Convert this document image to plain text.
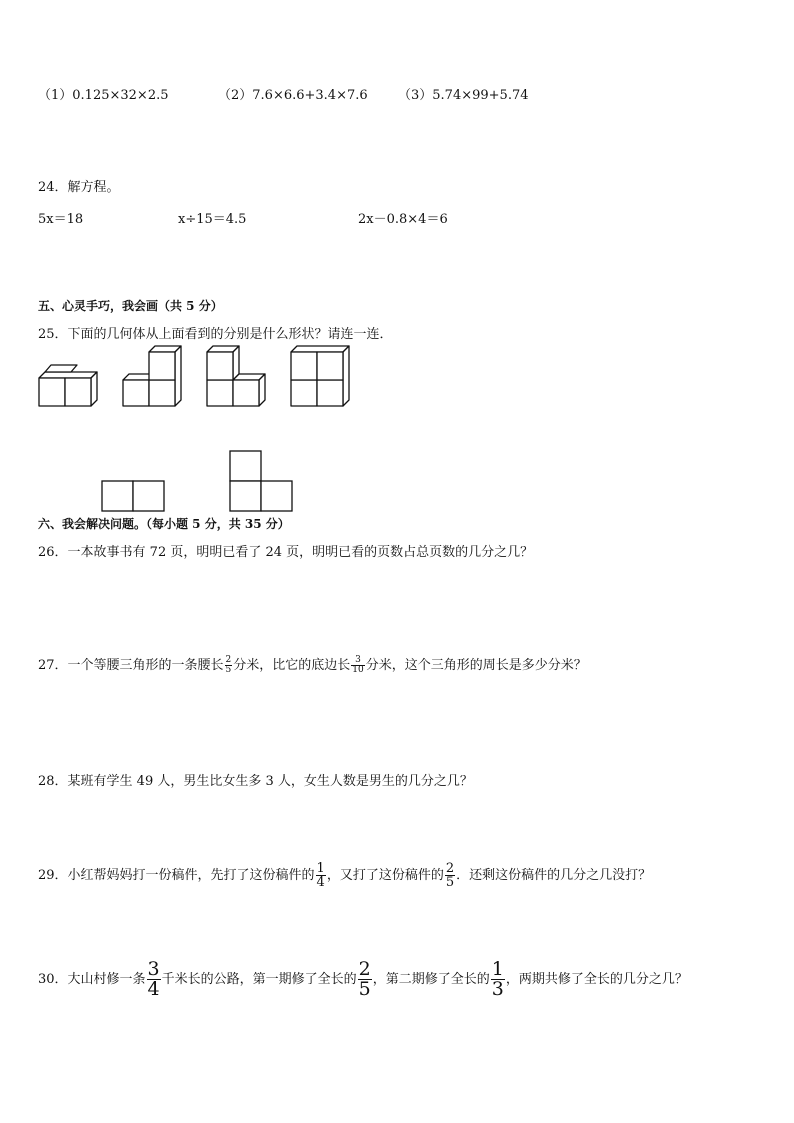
（1）0.125×32×2.5	（2）7.6×6.6+3.4×7.6 （3）5.74×99+5.74
24．解方程。
5x＝18	x÷15＝4.5	2x－0.8×4＝6
五、心灵手巧，我会画（共 5 分）
25．下面的几何体从上面看到的分别是什么形状？请连一连．
六、我会解决问题。（每小题 5 分，共 35 分）
26．一本故事书有 72 页，明明已看了 24 页，明明已看的页数占总页数的几分之几？
27．一个等腰三角形的一条腰长 $\frac{2}{5}$ 分米，比它的底边长 $\frac{3}{10}$ 分米，这个三角形的周长是多少分米？
28．某班有学生 49 人，男生比女生多 3 人，女生人数是男生的几分之几？
29．小红帮妈妈打一份稿件，先打了这份稿件的 $\frac{1}{4}$ ，又打了这份稿件的 $\frac{2}{5}$ ．还剩这份稿件的几分之几没打？
30．大山村修一条 $\frac{3}{4}$ 千米长的公路，第一期修了全长的 $\frac{2}{5}$ ，第二期修了全长的 $\frac{1}{3}$ ，两期共修了全长的几分之几？
